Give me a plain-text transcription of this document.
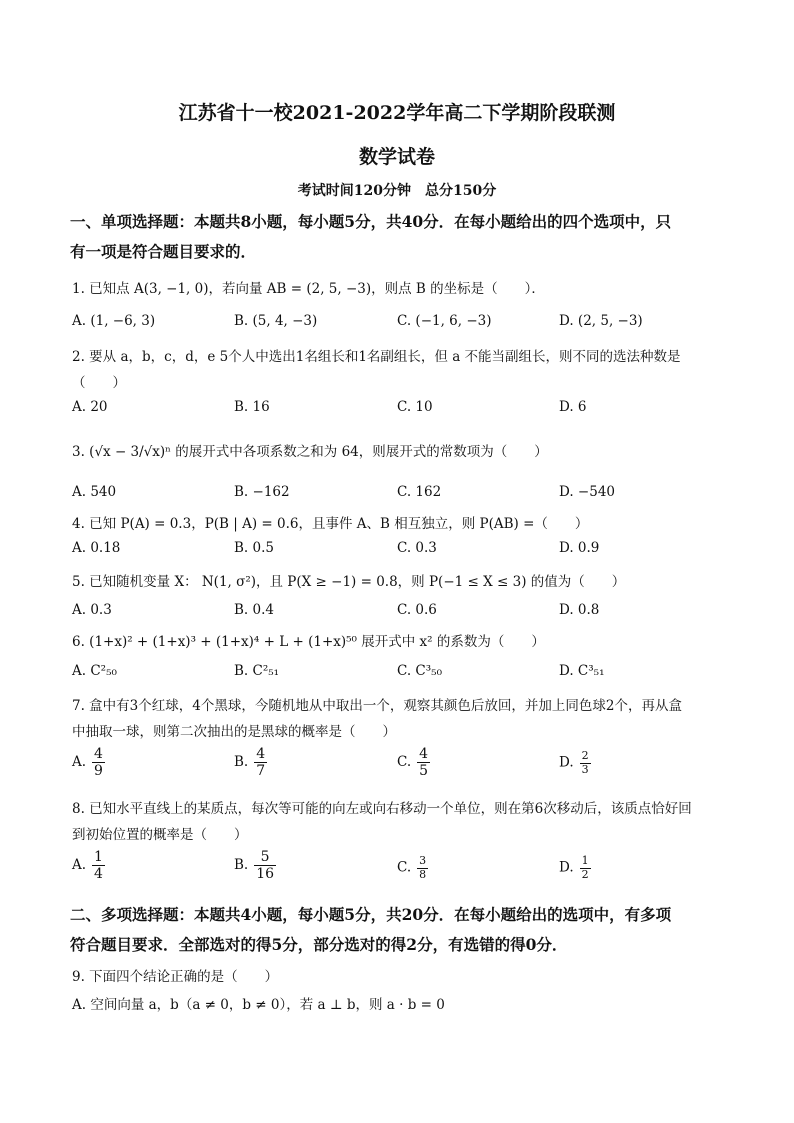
江苏省十一校2021-2022学年高二下学期阶段联测
数学试卷
考试时间120分钟　总分150分
一、单项选择题：本题共8小题，每小题5分，共40分．在每小题给出的四个选项中，只
有一项是符合题目要求的．
1. 已知点 A(3, −1, 0)，若向量 AB = (2, 5, −3)，则点 B 的坐标是（　　）．
A. (1, −6, 3)	B. (5, 4, −3)	C. (−1, 6, −3)	D. (2, 5, −3)
2. 要从 a，b，c，d，e 5个人中选出1名组长和1名副组长，但 a 不能当副组长，则不同的选法种数是
（　　）
A. 20	B. 16	C. 10	D. 6
3. (√x − 3/√x)ⁿ 的展开式中各项系数之和为 64，则展开式的常数项为（　　）
A. 540	B. −162	C. 162	D. −540
4. 已知 P(A) = 0.3，P(B | A) = 0.6，且事件 A、B 相互独立，则 P(AB) =（　　）
A. 0.18	B. 0.5	C. 0.3	D. 0.9
5. 已知随机变量 X： N(1, σ²)，且 P(X ≥ −1) = 0.8，则 P(−1 ≤ X ≤ 3) 的值为（　　）
A. 0.3	B. 0.4	C. 0.6	D. 0.8
6. (1+x)² + (1+x)³ + (1+x)⁴ + L + (1+x)⁵⁰ 展开式中 x² 的系数为（　　）
A. C²₅₀	B. C²₅₁	C. C³₅₀	D. C³₅₁
7. 盒中有3个红球，4个黑球，今随机地从中取出一个，观察其颜色后放回，并加上同色球2个，再从盒
中抽取一球，则第二次抽出的是黑球的概率是（　　）
A. $\frac{4}{9}$	B. $\frac{4}{7}$	C. $\frac{4}{5}$	D. $\frac{2}{3}$
8. 已知水平直线上的某质点，每次等可能的向左或向右移动一个单位，则在第6次移动后，该质点恰好回
到初始位置的概率是（　　）
A. $\frac{1}{4}$	B. $\frac{5}{16}$	C. $\frac{3}{8}$	D. $\frac{1}{2}$
二、多项选择题：本题共4小题，每小题5分，共20分．在每小题给出的选项中，有多项
符合题目要求．全部选对的得5分，部分选对的得2分，有选错的得0分．
9. 下面四个结论正确的是（　　）
A. 空间向量 a，b（a ≠ 0，b ≠ 0），若 a ⊥ b，则 a · b = 0
